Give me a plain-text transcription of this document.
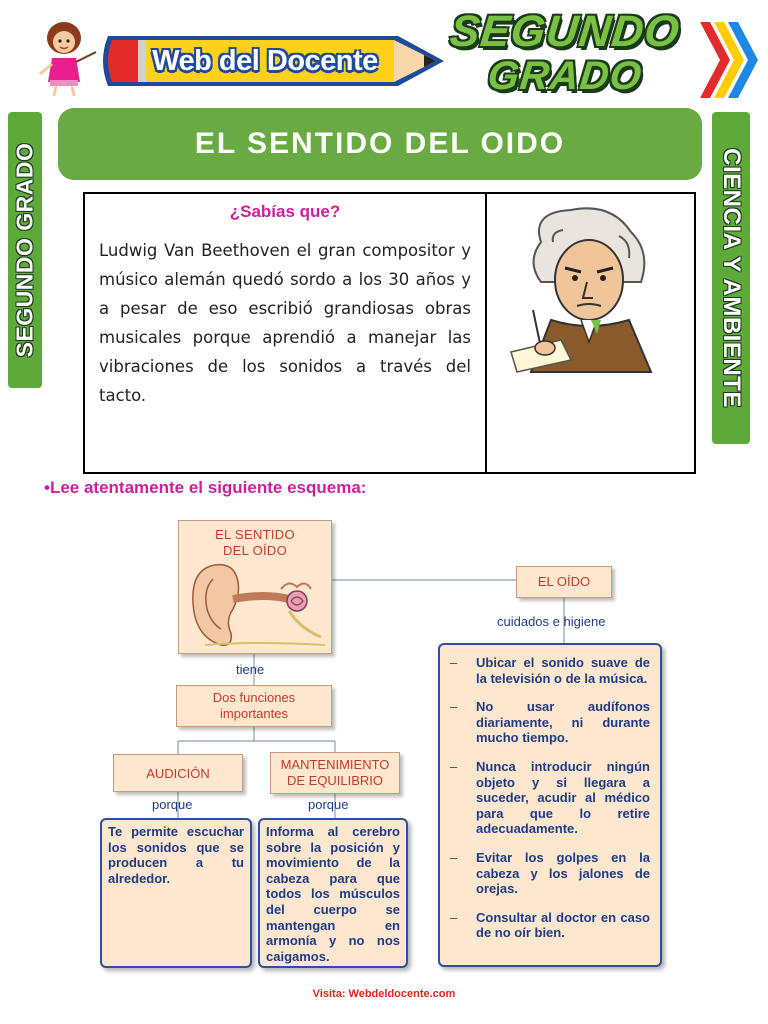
Web del Docente
SEGUNDO
GRADO
SEGUNDO GRADO	CIENCIA Y AMBIENTE
EL SENTIDO DEL OIDO
¿Sabías que?
Ludwig Van Beethoven el gran compositor y músico alemán quedó sordo a los 30 años y a pesar de eso escribió grandiosas obras musicales porque aprendió a manejar las vibraciones de los sonidos a través del tacto.
•Lee atentamente el siguiente esquema:
EL SENTIDO
DEL OÍDO
tiene
Dos funciones
importantes
AUDICIÓN
MANTENIMIENTO
DE EQUILIBRIO
porque	porque
Te permite escuchar los sonidos que se producen a tu alrededor.
Informa al cerebro sobre la posición y movimiento de la cabeza para que todos los músculos del cuerpo se mantengan en armonía y no nos caigamos.
EL OÍDO
cuidados e higiene
–	Ubicar el sonido suave de la televisión o de la música.
–	No usar audífonos diariamente, ni durante mucho tiempo.
–	Nunca introducir ningún objeto y si llegara a suceder, acudir al médico para que lo retire adecuadamente.
–	Evitar los golpes en la cabeza y los jalones de orejas.
–	Consultar al doctor en caso de no oír bien.
Visita: Webdeldocente.com
